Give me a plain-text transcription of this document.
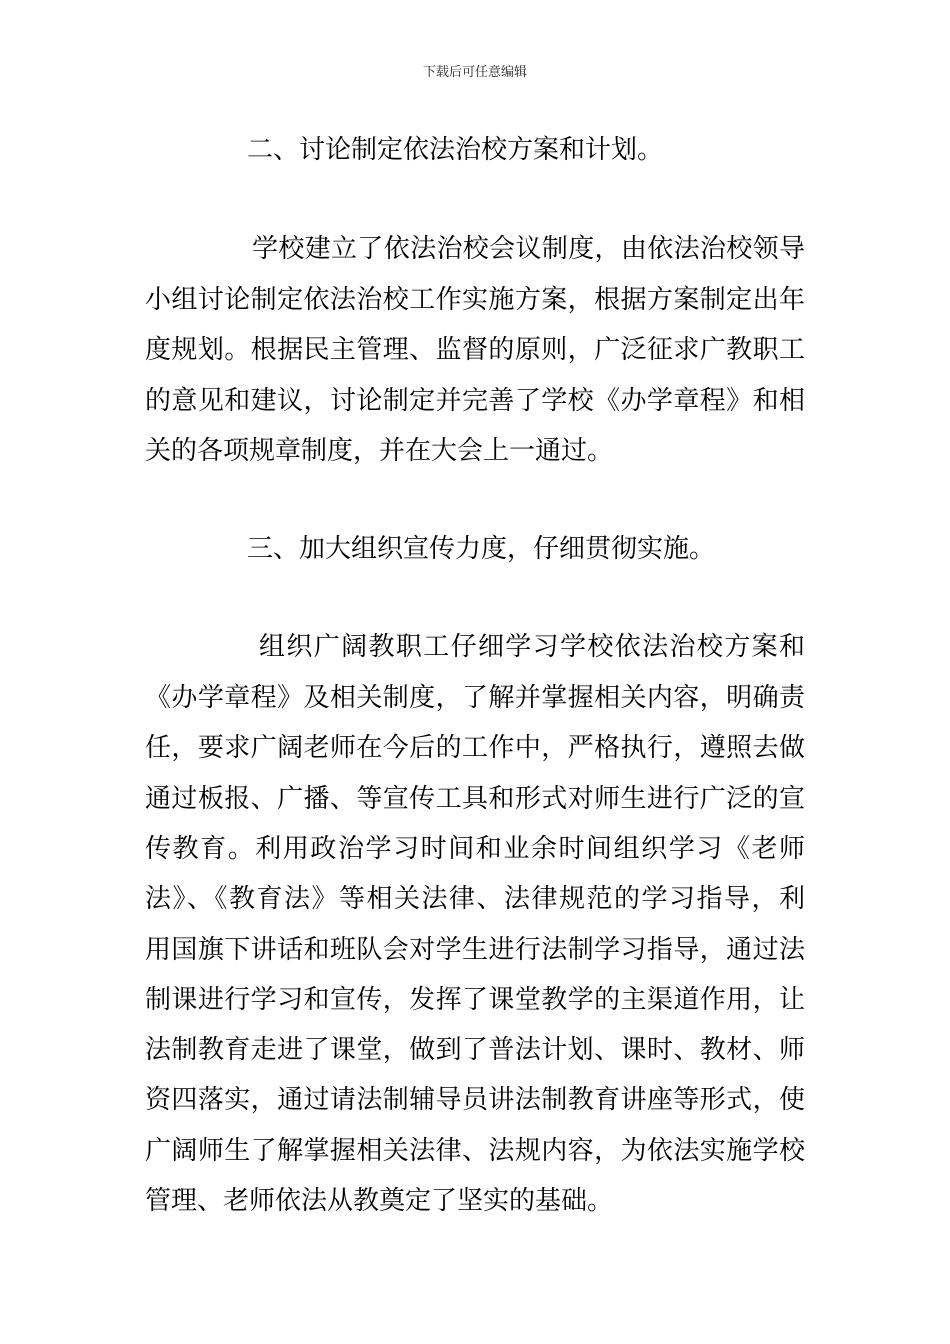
下载后可任意编辑
二、讨论制定依法治校方案和计划。
学校建立了依法治校会议制度，由依法治校领导
小组讨论制定依法治校工作实施方案，根据方案制定出年
度规划。根据民主管理、监督的原则，广泛征求广教职工
的意见和建议，讨论制定并完善了学校《办学章程》和相
关的各项规章制度，并在大会上一通过。
三、加大组织宣传力度，仔细贯彻实施。
组织广阔教职工仔细学习学校依法治校方案和
《办学章程》及相关制度，了解并掌握相关内容，明确责
任，要求广阔老师在今后的工作中，严格执行，遵照去做
通过板报、广播、等宣传工具和形式对师生进行广泛的宣
传教育。利用政治学习时间和业余时间组织学习《老师
法》、《教育法》等相关法律、法律规范的学习指导，利
用国旗下讲话和班队会对学生进行法制学习指导，通过法
制课进行学习和宣传，发挥了课堂教学的主渠道作用，让
法制教育走进了课堂，做到了普法计划、课时、教材、师
资四落实，通过请法制辅导员讲法制教育讲座等形式，使
广阔师生了解掌握相关法律、法规内容，为依法实施学校
管理、老师依法从教奠定了坚实的基础。
